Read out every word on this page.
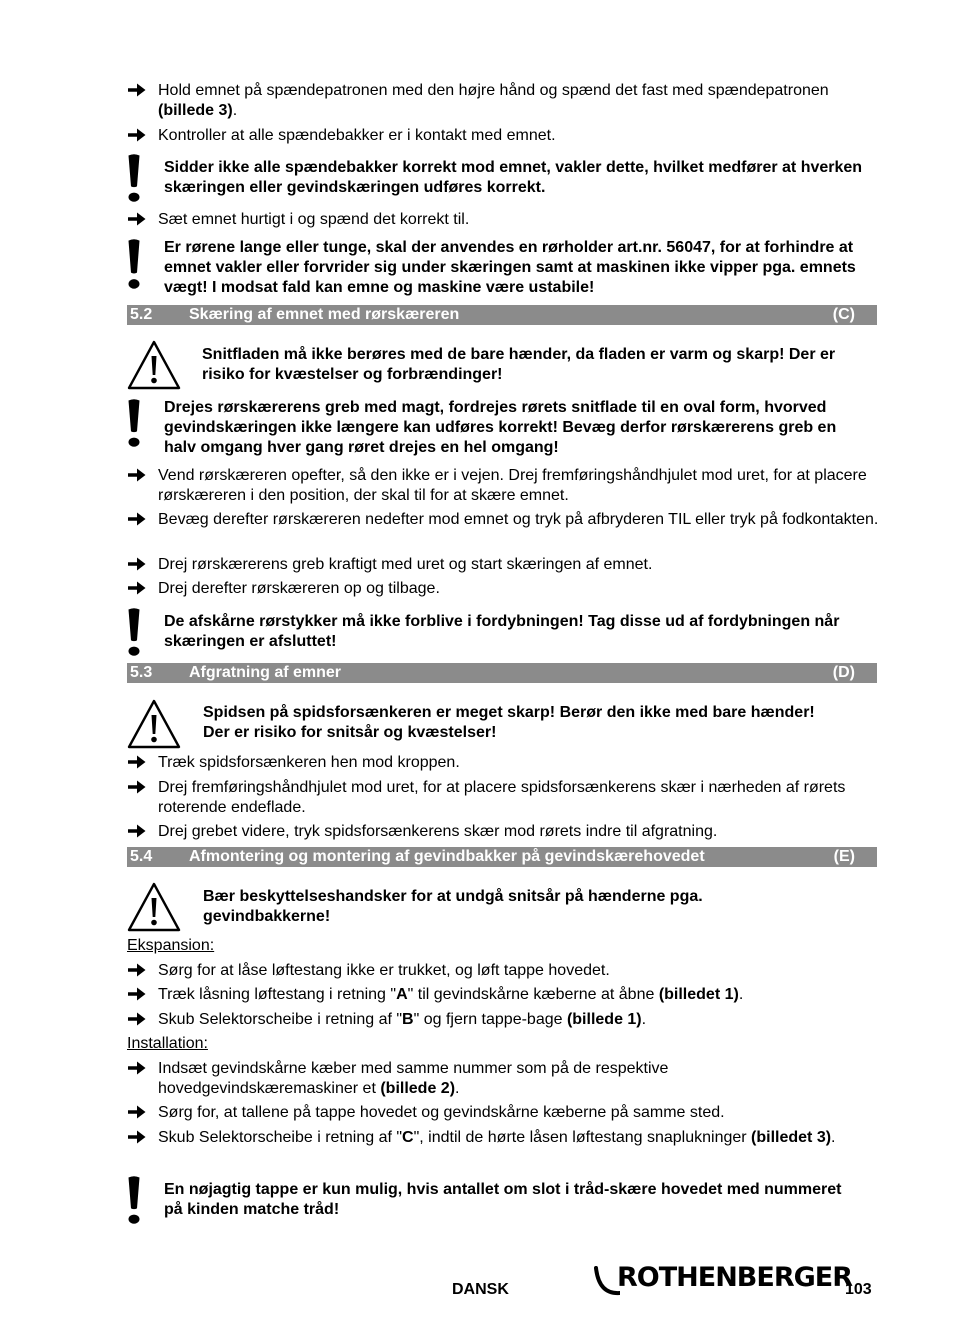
Hold emnet på spændepatronen med den højre hånd og spænd det fast med spændepatronen (billede 3).
Kontroller at alle spændebakker er i kontakt med emnet.
Sidder ikke alle spændebakker korrekt mod emnet, vakler dette, hvilket medfører at hverken skæringen eller gevindskæringen udføres korrekt.
Sæt emnet hurtigt i og spænd det korrekt til.
Er rørene lange eller tunge, skal der anvendes en rørholder art.nr. 56047, for at forhindre at emnet vakler eller forvrider sig under skæringen samt at maskinen ikke vipper pga. emnets vægt! I modsat fald kan emne og maskine være ustabile!
5.2 Skæring af emnet med rørskæreren	(C)
Snitfladen må ikke berøres med de bare hænder, da fladen er varm og skarp! Der er risiko for kvæstelser og forbrændinger!
Drejes rørskærerens greb med magt, fordrejes rørets snitflade til en oval form, hvorved gevindskæringen ikke længere kan udføres korrekt! Bevæg derfor rørskærerens greb en halv omgang hver gang røret drejes en hel omgang!
Vend rørskæreren opefter, så den ikke er i vejen. Drej fremføringshåndhjulet mod uret, for at placere rørskæreren i den position, der skal til for at skære emnet.
Bevæg derefter rørskæreren nedefter mod emnet og tryk på afbryderen TIL eller tryk på fodkontakten.
Drej rørskærerens greb kraftigt med uret og start skæringen af emnet.
Drej derefter rørskæreren op og tilbage.
De afskårne rørstykker må ikke forblive i fordybningen! Tag disse ud af fordybningen når skæringen er afsluttet!
5.3 Afgratning af emner	(D)
Spidsen på spidsforsænkeren er meget skarp! Berør den ikke med bare hænder! Der er risiko for snitsår og kvæstelser!
Træk spidsforsænkeren hen mod kroppen.
Drej fremføringshåndhjulet mod uret, for at placere spidsforsænkerens skær i nærheden af rørets roterende endeflade.
Drej grebet videre, tryk spidsforsænkerens skær mod rørets indre til afgratning.
5.4 Afmontering og montering af gevindbakker på gevindskærehovedet	(E)
Bær beskyttelseshandsker for at undgå snitsår på hænderne pga. gevindbakkerne!
Ekspansion:
Sørg for at låse løftestang ikke er trukket, og løft tappe hovedet.
Træk låsning løftestang i retning "A" til gevindskårne kæberne at åbne (billedet 1).
Skub Selektorscheibe i retning af "B" og fjern tappe-bage (billede 1).
Installation:
Indsæt gevindskårne kæber med samme nummer som på de respektive hovedgevindskæremaskiner et (billede 2).
Sørg for, at tallene på tappe hovedet og gevindskårne kæberne på samme sted.
Skub Selektorscheibe i retning af "C", indtil de hørte låsen løftestang snaplukninger (billedet 3).
En nøjagtig tappe er kun mulig, hvis antallet om slot i tråd-skære hovedet med nummeret på kinden matche tråd!
DANSK	ROTHENBERGER
103
